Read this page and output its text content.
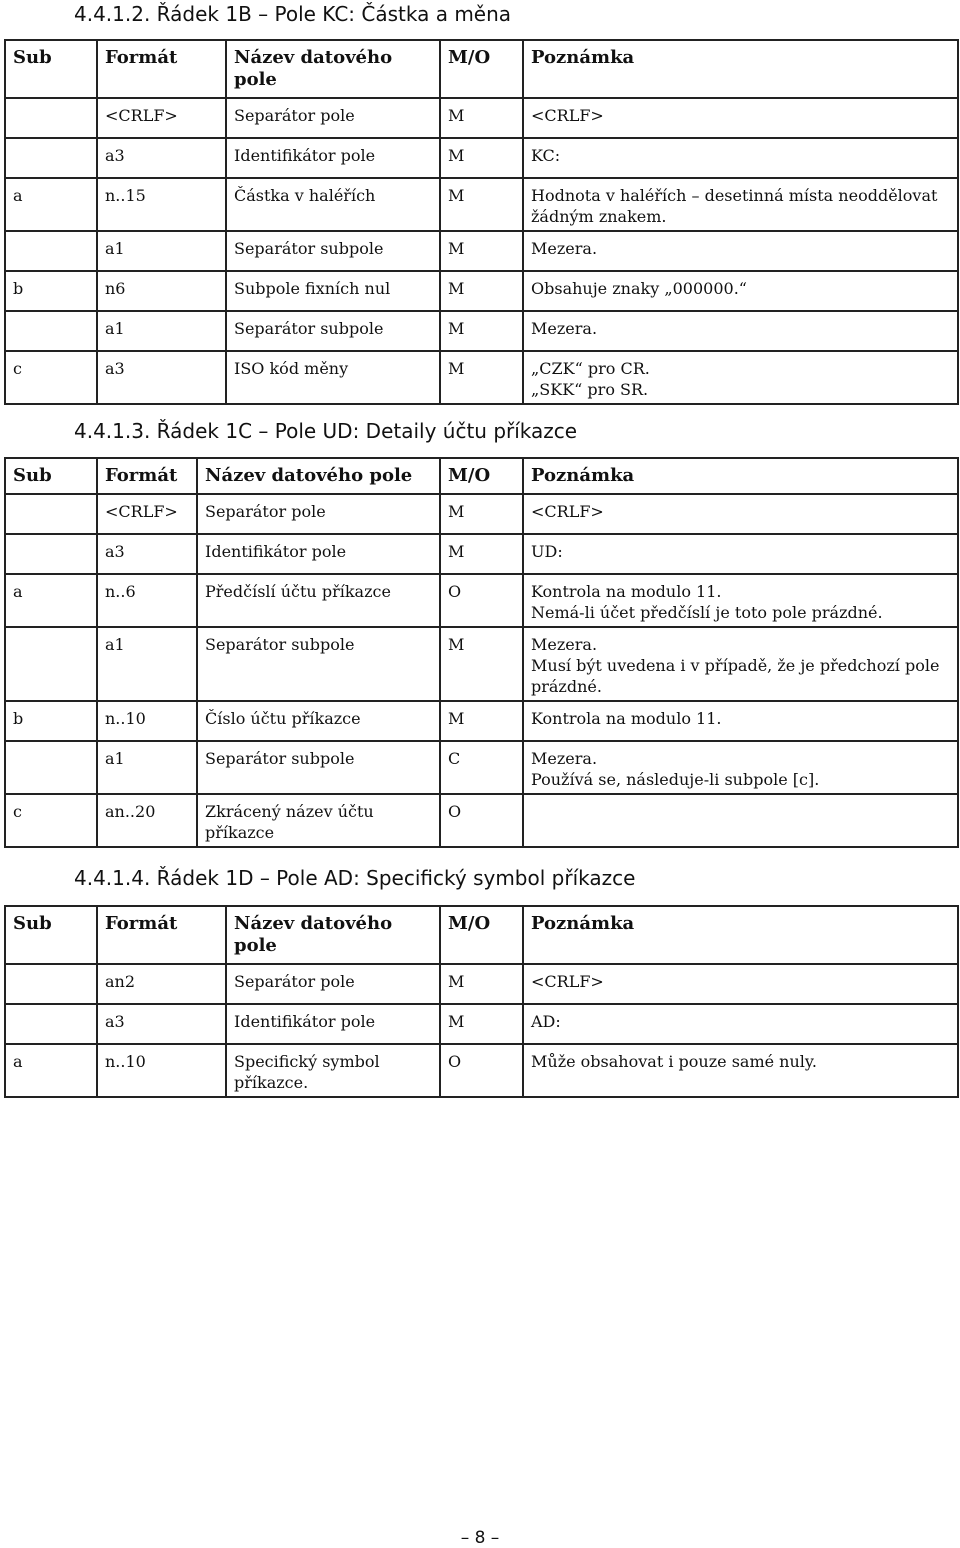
4.4.1.2. Řádek 1B – Pole KC: Částka a měna
Sub	Formát	Název datového pole	M/O	Poznámka
	<CRLF>	Separátor pole	M	<CRLF>

	a3	Identifikátor pole	M	KC:

a	n..15	Částka v haléřích	M	Hodnota v haléřích – desetinná místa neoddělovat žádným znakem.

	a1	Separátor subpole	M	Mezera.

b	n6	Subpole fixních nul	M	Obsahuje znaky „000000.“

	a1	Separátor subpole	M	Mezera.

c	a3	ISO kód měny	M	„CZK“ pro CR.
„SKK“ pro SR.
4.4.1.3. Řádek 1C – Pole UD: Detaily účtu příkazce
Sub	Formát	Název datového pole	M/O	Poznámka
	<CRLF>	Separátor pole	M	<CRLF>

	a3	Identifikátor pole	M	UD:

a	n..6	Předčíslí účtu příkazce	O	Kontrola na modulo 11.
Nemá-li účet předčíslí je toto pole prázdné.

	a1	Separátor subpole	M	Mezera.
Musí být uvedena i v případě, že je předchozí pole prázdné.

b	n..10	Číslo účtu příkazce	M	Kontrola na modulo 11.

	a1	Separátor subpole	C	Mezera.
Používá se, následuje-li subpole [c].

c	an..20	Zkrácený název účtu příkazce	O	
4.4.1.4. Řádek 1D – Pole AD: Specifický symbol příkazce
Sub	Formát	Název datového pole	M/O	Poznámka
	an2	Separátor pole	M	<CRLF>

	a3	Identifikátor pole	M	AD:

a	n..10	Specifický symbol příkazce.	O	Může obsahovat i pouze samé nuly.
– 8 –
